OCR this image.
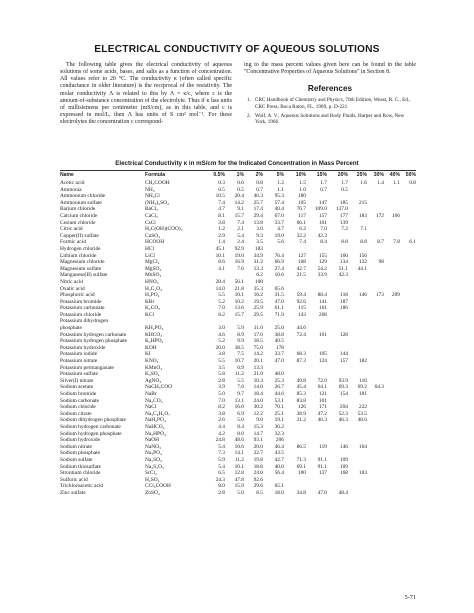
ELECTRICAL CONDUCTIVITY OF AQUEOUS SOLUTIONS
The following table gives the electrical conductivity of aqueous solutions of some acids, bases, and salts as a function of concentration. All values refer to 20 °C. The conductivity κ (often called specific conductance in older literature) is the reciprocal of the resistivity. The molar conductivity Λ is related to this by Λ = κ/c, where c is the amount-of-substance concentration of the electrolyte. Thus if κ has units of millisiemens per centimeter (mS/cm), as in this table, and c is expressed in mol/L, then Λ has units of S cm² mol⁻¹. For these electrolytes the concentration c correspond-
ing to the mass percent values given here can be found in the table "Concentrative Properties of Aqueous Solutions" in Section 8.
References
1. CRC Handbook of Chemistry and Physics, 70th Edition, Weast, R. C., Ed., CRC Press, Boca Raton, FL, 1989, p. D-221.
2. Wolf, A. V., Aqueous Solutions and Body Fluids, Harper and Row, New York, 1966.
Electrical Conductivity κ in mS/cm for the Indicated Concentration in Mass Percent
Name	Formula	0.5%	1%	2%	5%	10%	15%	20%	25%	30%	40%	50%
Acetic acid	CH₃COOH	0.3	0.6	0.8	1.2	1.5	1.7	1.7	1.6	1.4	1.1	0.8
Ammonia	NH₃	0.5	0.5	0.7	1.1	1.0	0.7	0.5				
Ammonium chloride	NH₄Cl	10.5	20.4	40.3	95.3	180						
Ammonium sulfate	(NH₄)₂SO₄	7.4	14.2	25.7	57.4	105	147	185	215			
Barium chloride	BaCl₂	4.7	9.1	17.4	40.4	76.7	109.0	137.0				
Calcium chloride	CaCl₂	8.1	15.7	29.4	67.0	117	157	177	183	172	106	
Cesium chloride	CsCl	3.8	7.4	13.8	33.7	66.1	101	139				
Citric acid	H₃C(OH)(COO)₃	1.2	2.1	3.0	4.7	6.2	7.0	7.2	7.1			
Copper(II) sulfate	CuSO₄	2.9	5.4	9.3	19.0	32.2	42.3					
Formic acid	HCOOH	1.4	2.4	3.5	5.6	7.4	8.4	8.8	8.8	8.7	7.8	6.1
Hydrogen chloride	HCl	45.1	92.9	183								
Lithium chloride	LiCl	10.1	19.0	34.9	76.4	127	155	160	156			
Magnesium chloride	MgCl₂	8.6	16.9	31.2	66.9	108	129	134	122	98		
Magnesium sulfate	MgSO₄	4.1	7.6	13.3	27.4	42.7	54.2	51.1	44.1			
Manganese(II) sulfate	MnSO₄			6.2	10.6	21.5	33.9	42.3				
Nitric acid	HNO₃	28.4	56.1	108								
Oxalic acid	H₂C₂O₄	14.0	21.8	35.3	65.6							
Phosphoric acid	H₃PO₄	5.5	10.1	16.2	31.5	59.4	88.4	118	146	173	209	
Potassium bromide	KBr	5.2	10.2	19.5	47.0	92.6	141	187				
Potassium carbonate	K₂CO₃	7.0	13.6	25.9	61.1	115	161	186				
Potassium chloride	KCl	8.2	15.7	29.5	71.9	143	208					
Potassium dihydrogen												
phosphate	KH₂PO₄	3.0	5.9	11.0	25.0	44.6						
Potassium hydrogen carbonate	KHCO₃	4.6	8.9	17.0	38.8	72.4	101	128				
Potassium hydrogen phosphate	K₂HPO₄	5.2	9.9	18.5	40.5							
Potassium hydroxide	KOH	20.0	38.5	75.0	178							
Potassium iodide	KI	3.8	7.5	14.2	33.7	68.3	105	144				
Potassium nitrate	KNO₃	5.5	10.7	20.1	47.0	87.3	124	157	182			
Potassium permanganate	KMnO₄	3.5	6.9	13.3								
Potassium sulfate	K₂SO₄	5.8	11.2	21.0	48.0							
Silver(I) nitrate	AgNO₃	2.8	5.5	10.3	25.3	49.8	72.0	93.9	116			
Sodium acetate	NaCH₃COO	3.9	7.6	14.0	26.7	45.4	64.1	69.3	69.2	64.3		
Sodium bromide	NaBr	5.0	9.7	18.4	44.6	85.3	121	154	181			
Sodium carbonate	Na₂CO₃	7.0	13.1	24.0	53.1	83.8	101					
Sodium chloride	NaCl	8.2	16.0	30.2	70.1	126	171	204	222			
Sodium citrate	Na₃C₆H₅O₇	3.8	6.9	12.2	25.1	38.9	47.2	52.3	53.5			
Sodium dihydrogen phosphate	NaH₂PO₄	2.6	5.0	9.0	19.1	31.2	40.3	46.3	48.6			
Sodium hydrogen carbonate	NaHCO₃	4.4	8.4	15.3	36.2							
Sodium hydrogen phosphate	Na₂HPO₄	4.2	8.0	14.7	32.3							
Sodium hydroxide	NaOH	24.8	48.6	93.1	206							
Sodium nitrate	NaNO₃	5.4	10.6	20.0	46.4	86.5	119	146	164			
Sodium phosphate	Na₃PO₄	7.3	14.1	22.7	43.5							
Sodium sulfate	Na₂SO₄	5.9	11.2	19.8	42.7	71.3	91.1	109				
Sodium thiosulfate	Na₂S₂O₃	5.4	10.1	18.8	40.0	69.1	91.1	109				
Strontium chloride	SrCl₂	6.5	12.8	24.0	56.4	100	137	168	183			
Sulfuric acid	H₂SO₄	24.3	47.8	92.6								
Trichloroacetic acid	CCl₃COOH	8.0	15.9	29.6	65.1							
Zinc sulfate	ZnSO₄	2.8	5.0	8.5	18.0	34.8	47.0	48.4				
5-71
